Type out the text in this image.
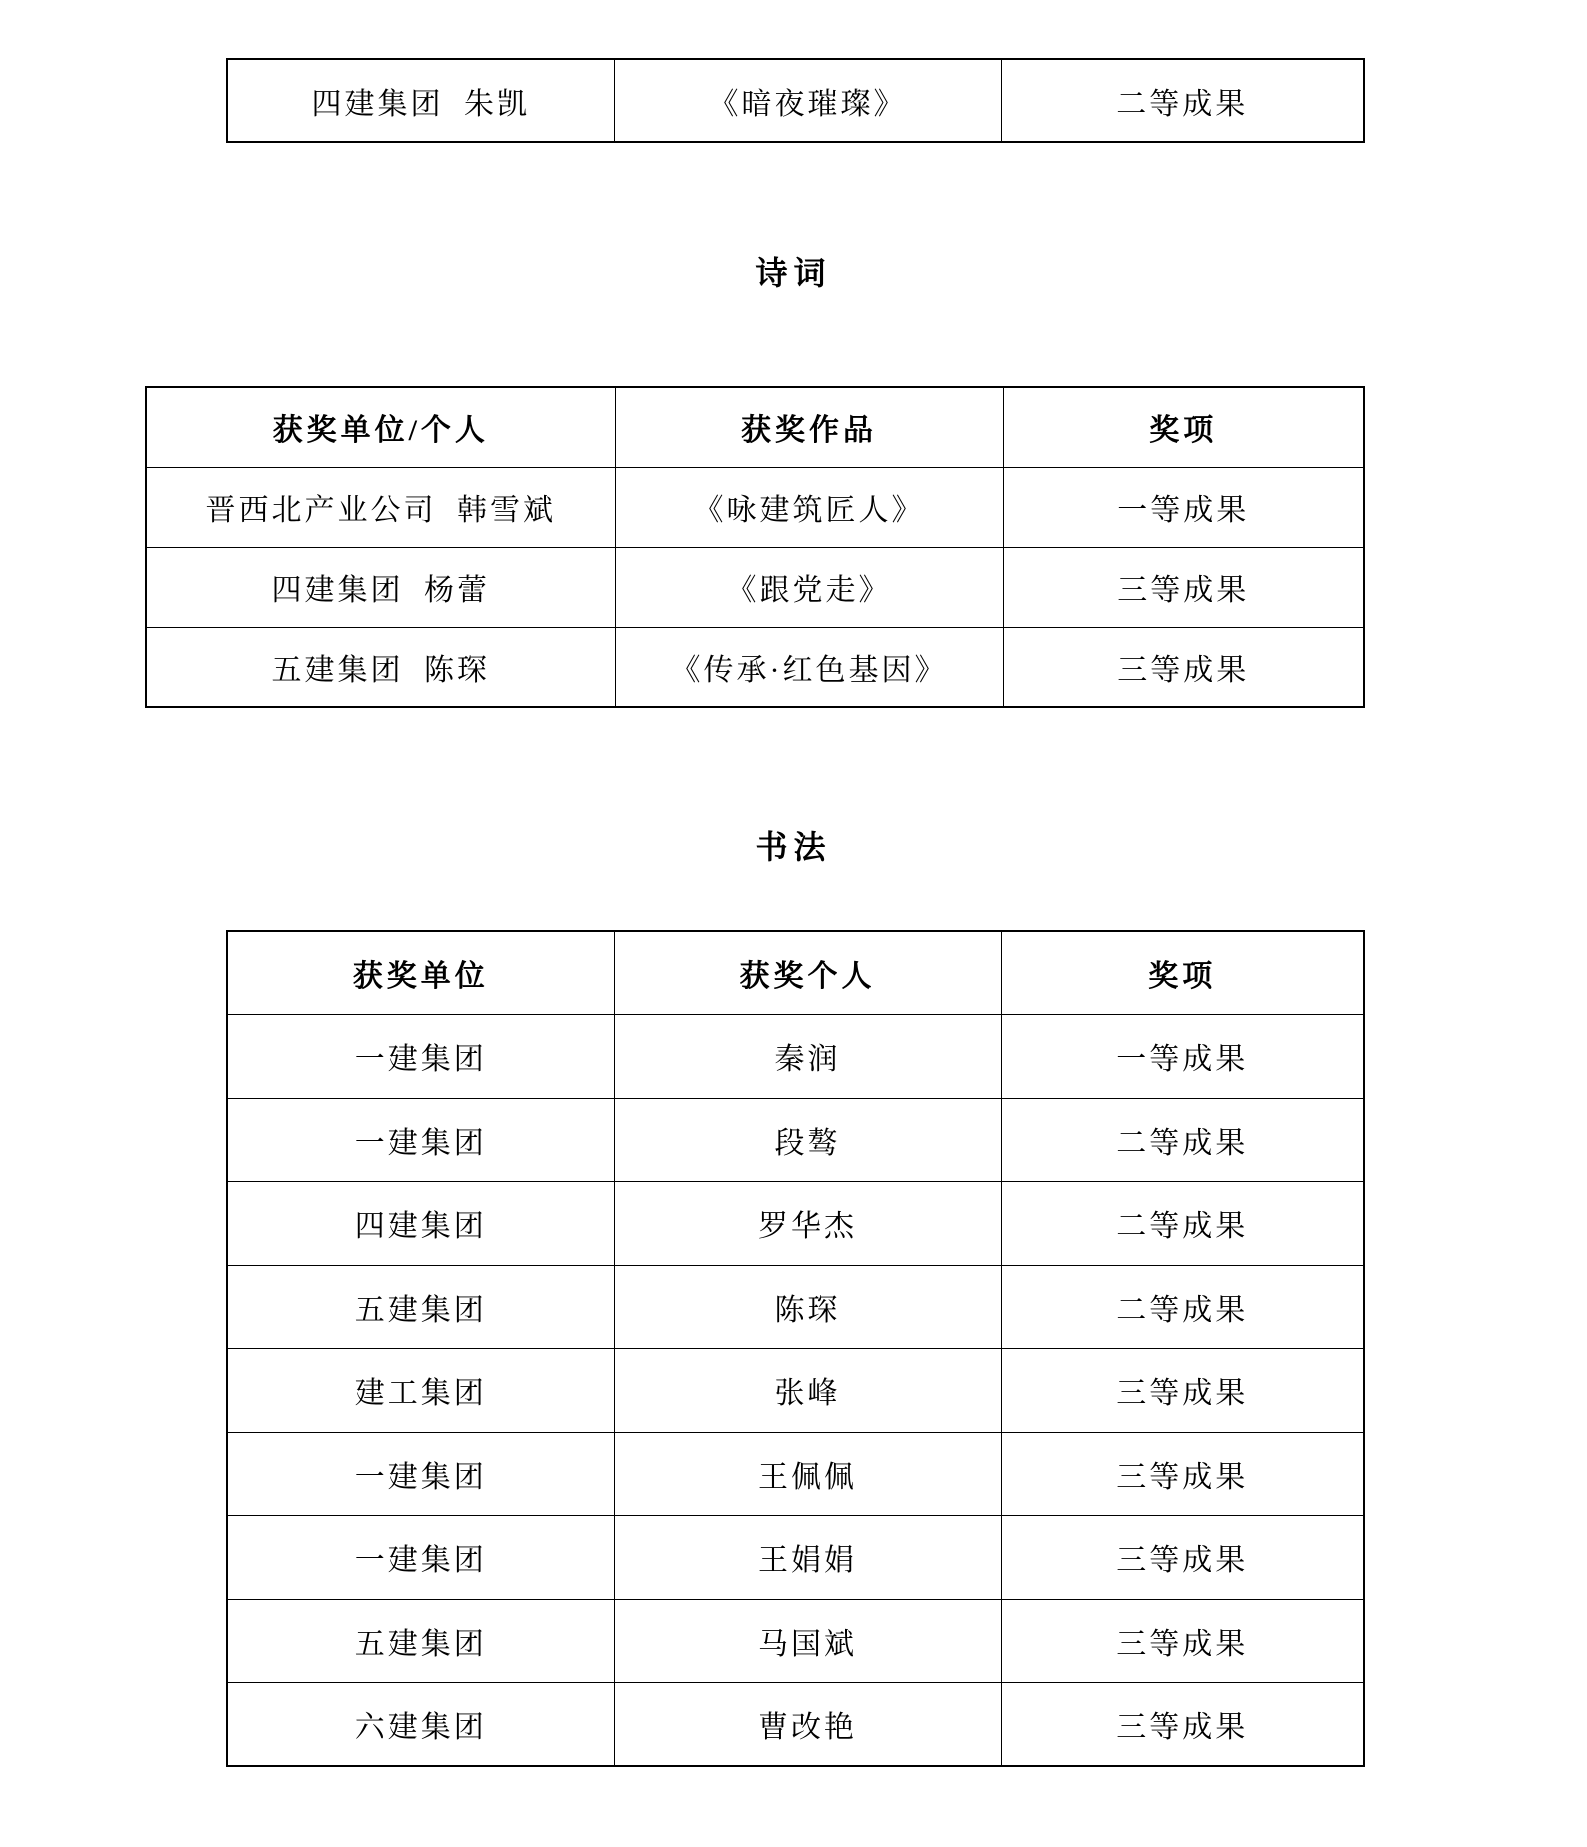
四建集团 朱凯	《暗夜璀璨》	二等成果
诗词
获奖单位/个人	获奖作品	奖项
晋西北产业公司 韩雪斌	《咏建筑匠人》	一等成果
四建集团 杨蕾	《跟党走》	三等成果
五建集团 陈琛	《传承·红色基因》	三等成果
书法
获奖单位	获奖个人	奖项
一建集团	秦润	一等成果
一建集团	段骜	二等成果
四建集团	罗华杰	二等成果
五建集团	陈琛	二等成果
建工集团	张峰	三等成果
一建集团	王佩佩	三等成果
一建集团	王娟娟	三等成果
五建集团	马国斌	三等成果
六建集团	曹改艳	三等成果
